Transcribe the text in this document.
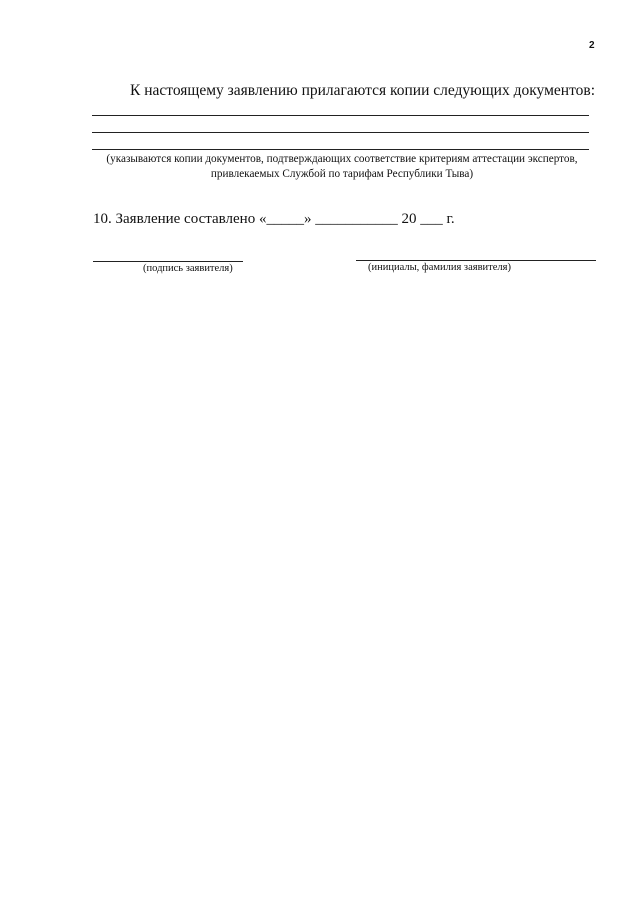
2
К настоящему заявлению прилагаются копии следующих документов:
(указываются копии документов, подтверждающих соответствие критериям аттестации экспертов,
привлекаемых Службой по тарифам Республики Тыва)
10. Заявление составлено «_____» ___________ 20 ___ г.
(подпись заявителя)	(инициалы, фамилия заявителя)
